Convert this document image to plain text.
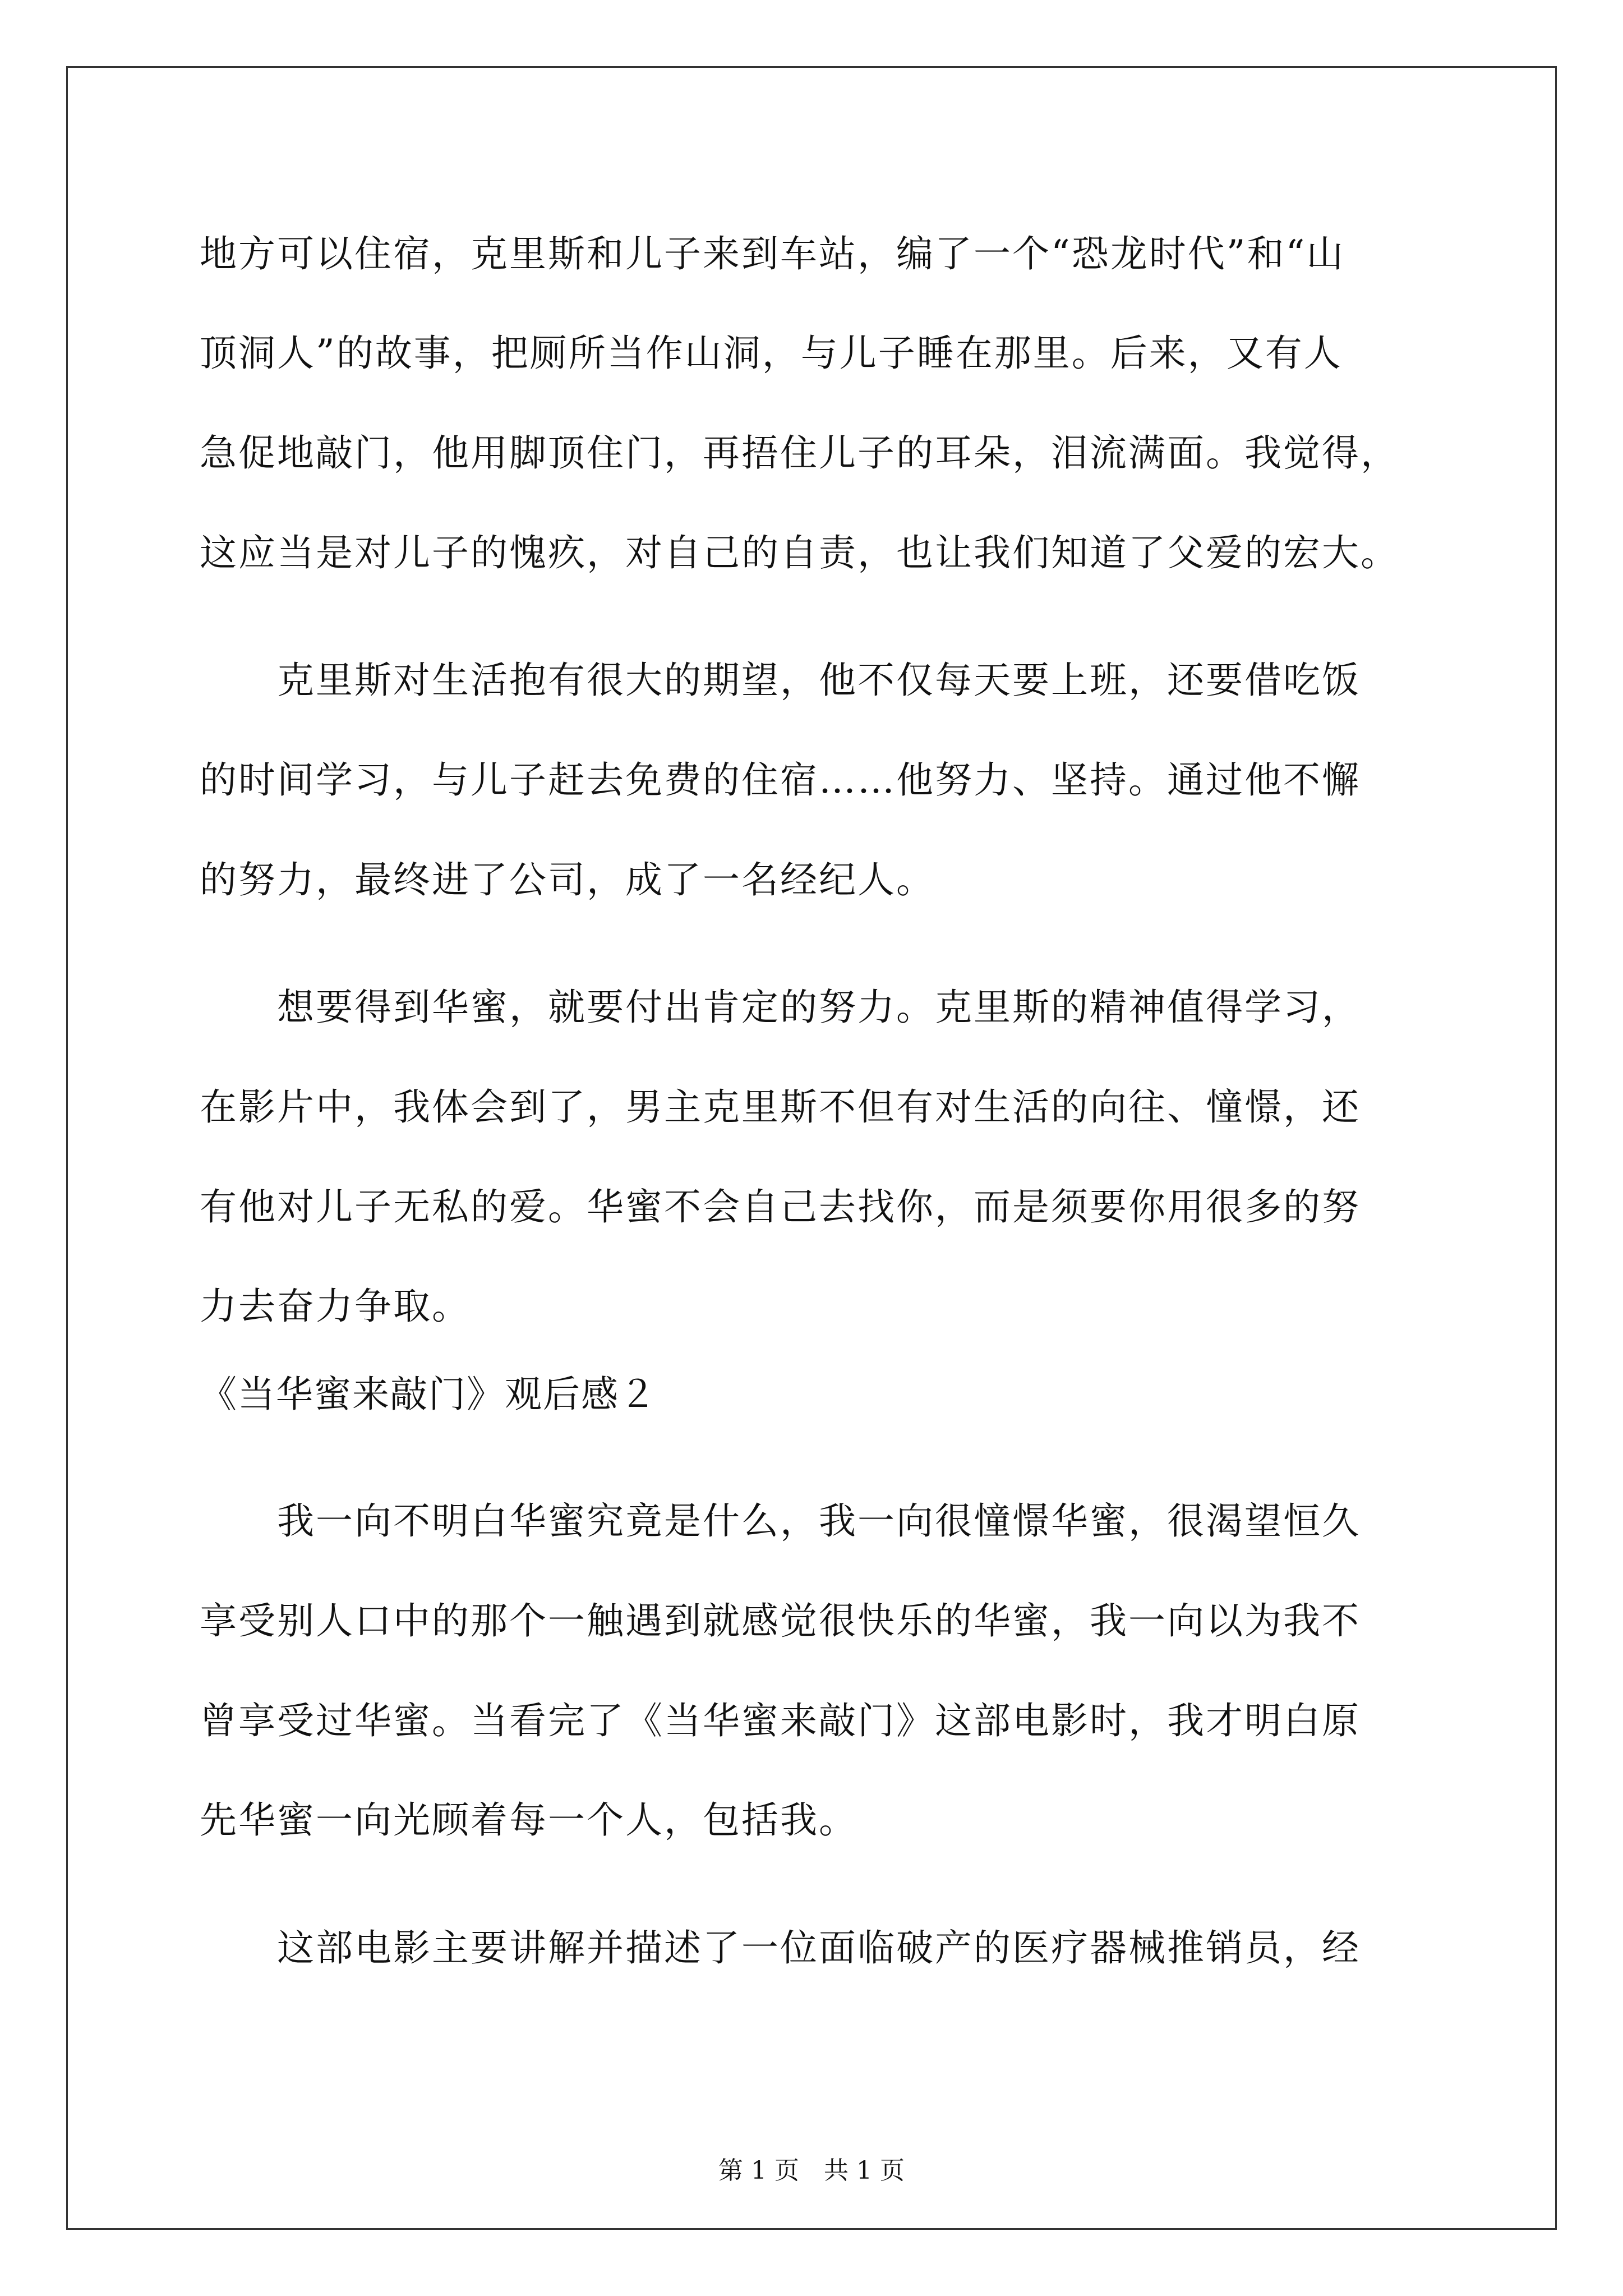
地方可以住宿，克里斯和儿子来到车站，编了一个“恐龙时代”和“山
顶洞人”的故事，把厕所当作山洞，与儿子睡在那里。后来，又有人
急促地敲门，他用脚顶住门，再捂住儿子的耳朵，泪流满面。我觉得，
这应当是对儿子的愧疚，对自己的自责，也让我们知道了父爱的宏大。
　　克里斯对生活抱有很大的期望，他不仅每天要上班，还要借吃饭
的时间学习，与儿子赶去免费的住宿……他努力、坚持。通过他不懈
的努力，最终进了公司，成了一名经纪人。
　　想要得到华蜜，就要付出肯定的努力。克里斯的精神值得学习，
在影片中，我体会到了，男主克里斯不但有对生活的向往、憧憬，还
有他对儿子无私的爱。华蜜不会自己去找你，而是须要你用很多的努
力去奋力争取。
《当华蜜来敲门》观后感２
　　我一向不明白华蜜究竟是什么，我一向很憧憬华蜜，很渴望恒久
享受别人口中的那个一触遇到就感觉很快乐的华蜜，我一向以为我不
曾享受过华蜜。当看完了《当华蜜来敲门》这部电影时，我才明白原
先华蜜一向光顾着每一个人，包括我。
　　这部电影主要讲解并描述了一位面临破产的医疗器械推销员，经
第 1 页　共 1 页
